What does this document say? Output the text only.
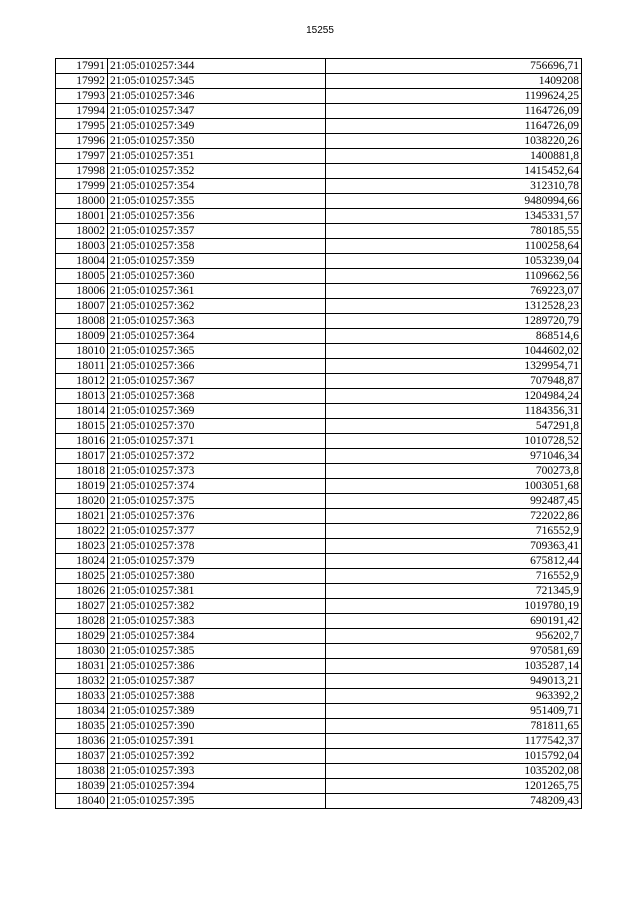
15255
17991	21:05:010257:344	756696,71
17992	21:05:010257:345	1409208
17993	21:05:010257:346	1199624,25
17994	21:05:010257:347	1164726,09
17995	21:05:010257:349	1164726,09
17996	21:05:010257:350	1038220,26
17997	21:05:010257:351	1400881,8
17998	21:05:010257:352	1415452,64
17999	21:05:010257:354	312310,78
18000	21:05:010257:355	9480994,66
18001	21:05:010257:356	1345331,57
18002	21:05:010257:357	780185,55
18003	21:05:010257:358	1100258,64
18004	21:05:010257:359	1053239,04
18005	21:05:010257:360	1109662,56
18006	21:05:010257:361	769223,07
18007	21:05:010257:362	1312528,23
18008	21:05:010257:363	1289720,79
18009	21:05:010257:364	868514,6
18010	21:05:010257:365	1044602,02
18011	21:05:010257:366	1329954,71
18012	21:05:010257:367	707948,87
18013	21:05:010257:368	1204984,24
18014	21:05:010257:369	1184356,31
18015	21:05:010257:370	547291,8
18016	21:05:010257:371	1010728,52
18017	21:05:010257:372	971046,34
18018	21:05:010257:373	700273,8
18019	21:05:010257:374	1003051,68
18020	21:05:010257:375	992487,45
18021	21:05:010257:376	722022,86
18022	21:05:010257:377	716552,9
18023	21:05:010257:378	709363,41
18024	21:05:010257:379	675812,44
18025	21:05:010257:380	716552,9
18026	21:05:010257:381	721345,9
18027	21:05:010257:382	1019780,19
18028	21:05:010257:383	690191,42
18029	21:05:010257:384	956202,7
18030	21:05:010257:385	970581,69
18031	21:05:010257:386	1035287,14
18032	21:05:010257:387	949013,21
18033	21:05:010257:388	963392,2
18034	21:05:010257:389	951409,71
18035	21:05:010257:390	781811,65
18036	21:05:010257:391	1177542,37
18037	21:05:010257:392	1015792,04
18038	21:05:010257:393	1035202,08
18039	21:05:010257:394	1201265,75
18040	21:05:010257:395	748209,43
